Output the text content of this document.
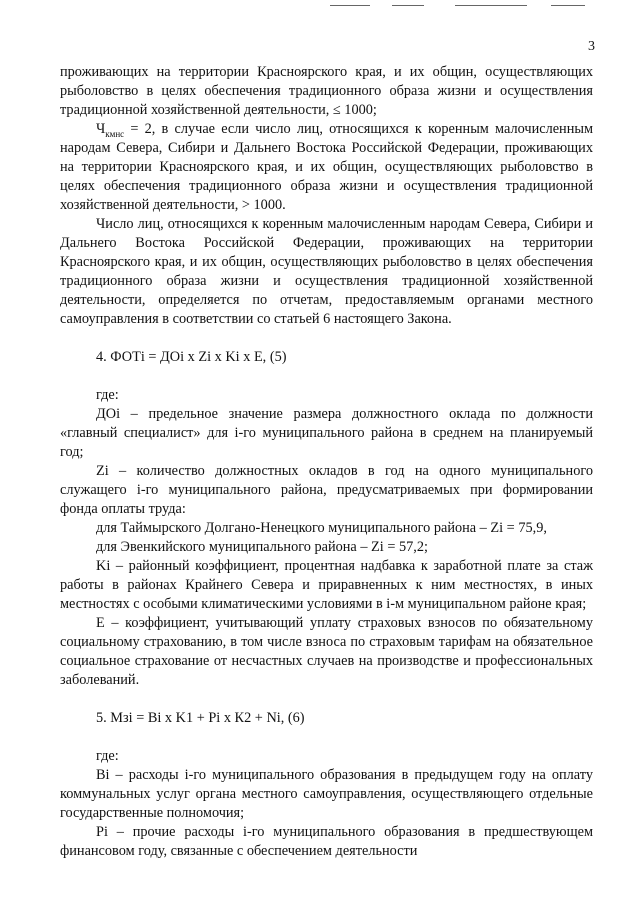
3

проживающих на территории Красноярского края, и их общин, осуществляющих рыболовство в целях обеспечения традиционного образа жизни и осуществления традиционной хозяйственной деятельности, ≤ 1000;

$Ч_{кмнс} = 2$, в случае если число лиц, относящихся к коренным малочисленным народам Севера, Сибири и Дальнего Востока Российской Федерации, проживающих на территории Красноярского края, и их общин, осуществляющих рыболовство в целях обеспечения традиционного образа жизни и осуществления традиционной хозяйственной деятельности, > 1000.

Число лиц, относящихся к коренным малочисленным народам Севера, Сибири и Дальнего Востока Российской Федерации, проживающих на территории Красноярского края, и их общин, осуществляющих рыболовство в целях обеспечения традиционного образа жизни и осуществления традиционной хозяйственной деятельности, определяется по отчетам, предоставляемым органами местного самоуправления в соответствии со статьей 6 настоящего Закона.

4. ФОТi = ДОi х Zi х Ki х E, (5)

где:

ДОi – предельное значение размера должностного оклада по должности «главный специалист» для i-го муниципального района в среднем на планируемый год;

Zi – количество должностных окладов в год на одного муниципального служащего i-го муниципального района, предусматриваемых при формировании фонда оплаты труда:

для Таймырского Долгано-Ненецкого муниципального района – Zi = 75,9,

для Эвенкийского муниципального района – Zi = 57,2;

Ki – районный коэффициент, процентная надбавка к заработной плате за стаж работы в районах Крайнего Севера и приравненных к ним местностях, в иных местностях с особыми климатическими условиями в i-м муниципальном районе края;

Е – коэффициент, учитывающий уплату страховых взносов по обязательному социальному страхованию, в том числе взноса по страховым тарифам на обязательное социальное страхование от несчастных случаев на производстве и профессиональных заболеваний.

5. Мзi = Вi х K1 + Рi х К2 + Ni, (6)

где:

Вi – расходы i-го муниципального образования в предыдущем году на оплату коммунальных услуг органа местного самоуправления, осуществляющего отдельные государственные полномочия;

Рi – прочие расходы i-го муниципального образования в предшествующем финансовом году, связанные с обеспечением деятельности
